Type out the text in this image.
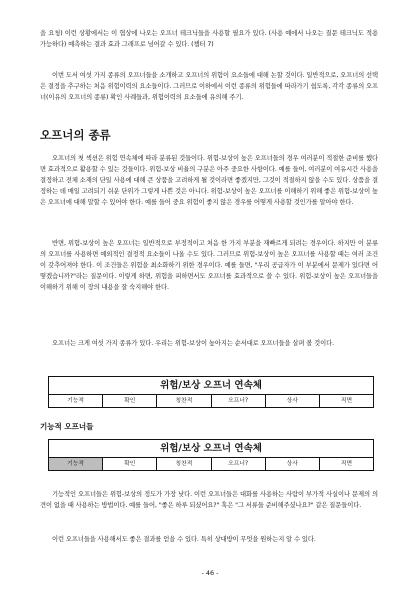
을 요청) 이런 상황에서는 이 협상에 나오는 오프너 테크닉들을 사용할 필요가 있다. (사용 예에서 나오는 질문 테크닉도 적용가능하다) 예측하는 결과 효과 그래프로 넘어갈 수 있다. (챕터 7)
이번 도서 여섯 가지 종류의 오프너들을 소개하고 오프너의 위험이 요소들에 대해 논할 것이다. 일반적으로, 오프너의 선택은 결정을 추구하는 처음 위험이력의 요소들이다. 그러므로 이하에서 이런 종류의 위험들에 따라가기 쉽도록, 각각 종류의 오프너(이유의 오프너의 종류) 확인 사례들과, 위험이력의 요소들에 유의해 주기.
오프너의 종류
오프너의 첫 섹션은 위험 연속체에 따라 분류된 것들이다. 위험-보상이 높은 오프너들의 경우 여러분이 적절한 준비를 했다면 효과적으로 활용할 수 있는 것들이다. 위험-보상 비율의 구분은 아주 중요한 사항이다. 예를 들어, 여러분이 여유시간 사용을 결정하고 전체 소재의 단일 사용에 대해 큰 상품을 고려하게 될 것이라면 좋겠지만, 그것이 적절하지 않을 수도 있다. 상품을 결정하는 데 매일 고려되기 쉬운 단위가 그렇게 나쁜 것은 아니다. 위험-보상이 높은 오프너를 이해하기 위해 좋은 위험-보상이 높은 오프너에 대해 말할 수 있어야 한다. 예를 들어 중요 위험이 좋지 않은 경우를 어떻게 사용할 것인가를 알아야 한다.
반면, 위험-보상이 높은 오프너는 일반적으로 부정적이고 처음 한 가지 부분을 재빠르게 되려는 경우이다. 하지만 이 분류의 오프너를 사용하면 예외적인 결정적 요소들이 나올 수도 있다. 그러므로 위험-보상이 높은 오프너를 사용할 때는 여러 조건이 갖추어져야 한다. 이 조건들은 위험을 최소화하기 위한 경우이다. 예를 들면, "우리 공급자가 이 부분에서 문제가 있다면 어떻겠습니까?"라는 질문이다. 이렇게 하면, 위험을 피하면서도 오프너를 효과적으로 쓸 수 있다. 위험-보상이 높은 오프너들을 이해하기 위해 이 장의 내용을 잘 숙지해야 한다.
오프너는 크게 여섯 가지 종류가 있다. 우리는 위험-보상이 높아지는 순서대로 오프너들을 살펴 볼 것이다.
위험/보상 오프너 연속체
기능적	확인	칭찬적	오프너?	상사	직면
기능적 오프너들
위험/보상 오프너 연속체
기능적	확인	칭찬적	오프너?	상사	직면
기능적인 오프너들은 위험-보상의 정도가 가장 낮다. 이런 오프너들은 대화를 사용하는 사람이 부가적 사실이나 문제의 의견이 없을 때 사용하는 방법이다. 예를 들어, "좋은 하루 되셨어요?" 혹은 "그 서류들 준비해주셨나요?" 같은 질문들이다.
이런 오프너들을 사용해서도 좋은 결과를 얻을 수 있다. 특히 상대방이 무엇을 원하는지 알 수 있다.
- 46 -
